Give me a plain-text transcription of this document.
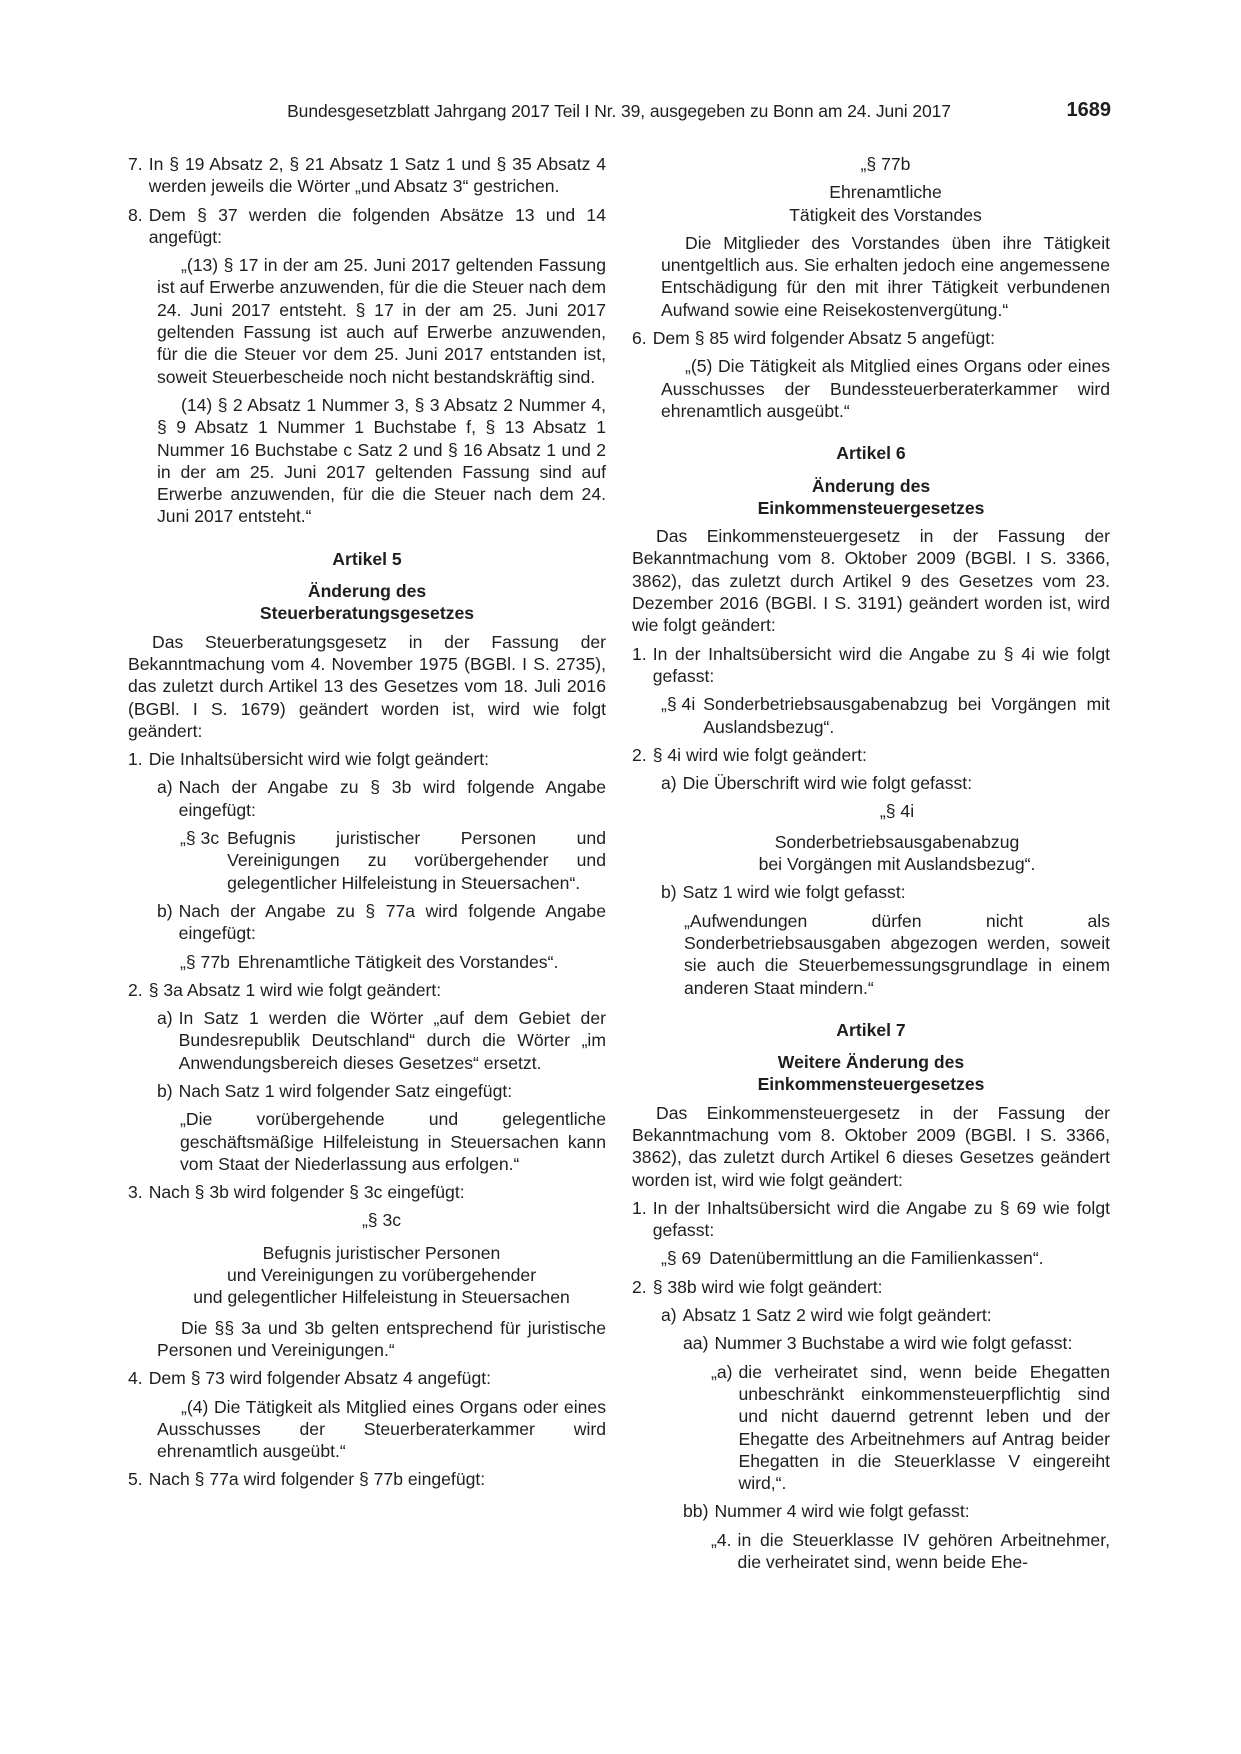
Bundesgesetzblatt Jahrgang 2017 Teil I Nr. 39, ausgegeben zu Bonn am 24. Juni 2017	1689
7. In § 19 Absatz 2, § 21 Absatz 1 Satz 1 und § 35 Absatz 4 werden jeweils die Wörter „und Absatz 3“ gestrichen.
8. Dem § 37 werden die folgenden Absätze 13 und 14 angefügt:
„(13) § 17 in der am 25. Juni 2017 geltenden Fassung ist auf Erwerbe anzuwenden, für die die Steuer nach dem 24. Juni 2017 entsteht. § 17 in der am 25. Juni 2017 geltenden Fassung ist auch auf Erwerbe anzuwenden, für die die Steuer vor dem 25. Juni 2017 entstanden ist, soweit Steuerbescheide noch nicht bestandskräftig sind.
(14) § 2 Absatz 1 Nummer 3, § 3 Absatz 2 Nummer 4, § 9 Absatz 1 Nummer 1 Buchstabe f, § 13 Absatz 1 Nummer 16 Buchstabe c Satz 2 und § 16 Absatz 1 und 2 in der am 25. Juni 2017 geltenden Fassung sind auf Erwerbe anzuwenden, für die die Steuer nach dem 24. Juni 2017 entsteht.“
Artikel 5
Änderung des
Steuerberatungsgesetzes
Das Steuerberatungsgesetz in der Fassung der Bekanntmachung vom 4. November 1975 (BGBl. I S. 2735), das zuletzt durch Artikel 13 des Gesetzes vom 18. Juli 2016 (BGBl. I S. 1679) geändert worden ist, wird wie folgt geändert:
1. Die Inhaltsübersicht wird wie folgt geändert:
a) Nach der Angabe zu § 3b wird folgende Angabe eingefügt:
„§ 3c Befugnis juristischer Personen und Vereinigungen zu vorübergehender und gelegentlicher Hilfeleistung in Steuersachen“.
b) Nach der Angabe zu § 77a wird folgende Angabe eingefügt:
„§ 77b Ehrenamtliche Tätigkeit des Vorstandes“.
2. § 3a Absatz 1 wird wie folgt geändert:
a) In Satz 1 werden die Wörter „auf dem Gebiet der Bundesrepublik Deutschland“ durch die Wörter „im Anwendungsbereich dieses Gesetzes“ ersetzt.
b) Nach Satz 1 wird folgender Satz eingefügt:
„Die vorübergehende und gelegentliche geschäftsmäßige Hilfeleistung in Steuersachen kann vom Staat der Niederlassung aus erfolgen.“
3. Nach § 3b wird folgender § 3c eingefügt:
„§ 3c
Befugnis juristischer Personen
und Vereinigungen zu vorübergehender
und gelegentlicher Hilfeleistung in Steuersachen
Die §§ 3a und 3b gelten entsprechend für juristische Personen und Vereinigungen.“
4. Dem § 73 wird folgender Absatz 4 angefügt:
„(4) Die Tätigkeit als Mitglied eines Organs oder eines Ausschusses der Steuerberaterkammer wird ehrenamtlich ausgeübt.“
5. Nach § 77a wird folgender § 77b eingefügt:
„§ 77b
Ehrenamtliche
Tätigkeit des Vorstandes
Die Mitglieder des Vorstandes üben ihre Tätigkeit unentgeltlich aus. Sie erhalten jedoch eine angemessene Entschädigung für den mit ihrer Tätigkeit verbundenen Aufwand sowie eine Reisekostenvergütung.“
6. Dem § 85 wird folgender Absatz 5 angefügt:
„(5) Die Tätigkeit als Mitglied eines Organs oder eines Ausschusses der Bundessteuerberaterkammer wird ehrenamtlich ausgeübt.“
Artikel 6
Änderung des
Einkommensteuergesetzes
Das Einkommensteuergesetz in der Fassung der Bekanntmachung vom 8. Oktober 2009 (BGBl. I S. 3366, 3862), das zuletzt durch Artikel 9 des Gesetzes vom 23. Dezember 2016 (BGBl. I S. 3191) geändert worden ist, wird wie folgt geändert:
1. In der Inhaltsübersicht wird die Angabe zu § 4i wie folgt gefasst:
„§ 4i Sonderbetriebsausgabenabzug bei Vorgängen mit Auslandsbezug“.
2. § 4i wird wie folgt geändert:
a) Die Überschrift wird wie folgt gefasst:
„§ 4i
Sonderbetriebsausgabenabzug
bei Vorgängen mit Auslandsbezug“.
b) Satz 1 wird wie folgt gefasst:
„Aufwendungen dürfen nicht als Sonderbetriebsausgaben abgezogen werden, soweit sie auch die Steuerbemessungsgrundlage in einem anderen Staat mindern.“
Artikel 7
Weitere Änderung des
Einkommensteuergesetzes
Das Einkommensteuergesetz in der Fassung der Bekanntmachung vom 8. Oktober 2009 (BGBl. I S. 3366, 3862), das zuletzt durch Artikel 6 dieses Gesetzes geändert worden ist, wird wie folgt geändert:
1. In der Inhaltsübersicht wird die Angabe zu § 69 wie folgt gefasst:
„§ 69 Datenübermittlung an die Familienkassen“.
2. § 38b wird wie folgt geändert:
a) Absatz 1 Satz 2 wird wie folgt geändert:
aa) Nummer 3 Buchstabe a wird wie folgt gefasst:
„a) die verheiratet sind, wenn beide Ehegatten unbeschränkt einkommensteuerpflichtig sind und nicht dauernd getrennt leben und der Ehegatte des Arbeitnehmers auf Antrag beider Ehegatten in die Steuerklasse V eingereiht wird,“.
bb) Nummer 4 wird wie folgt gefasst:
„4. in die Steuerklasse IV gehören Arbeitnehmer, die verheiratet sind, wenn beide Ehe-
